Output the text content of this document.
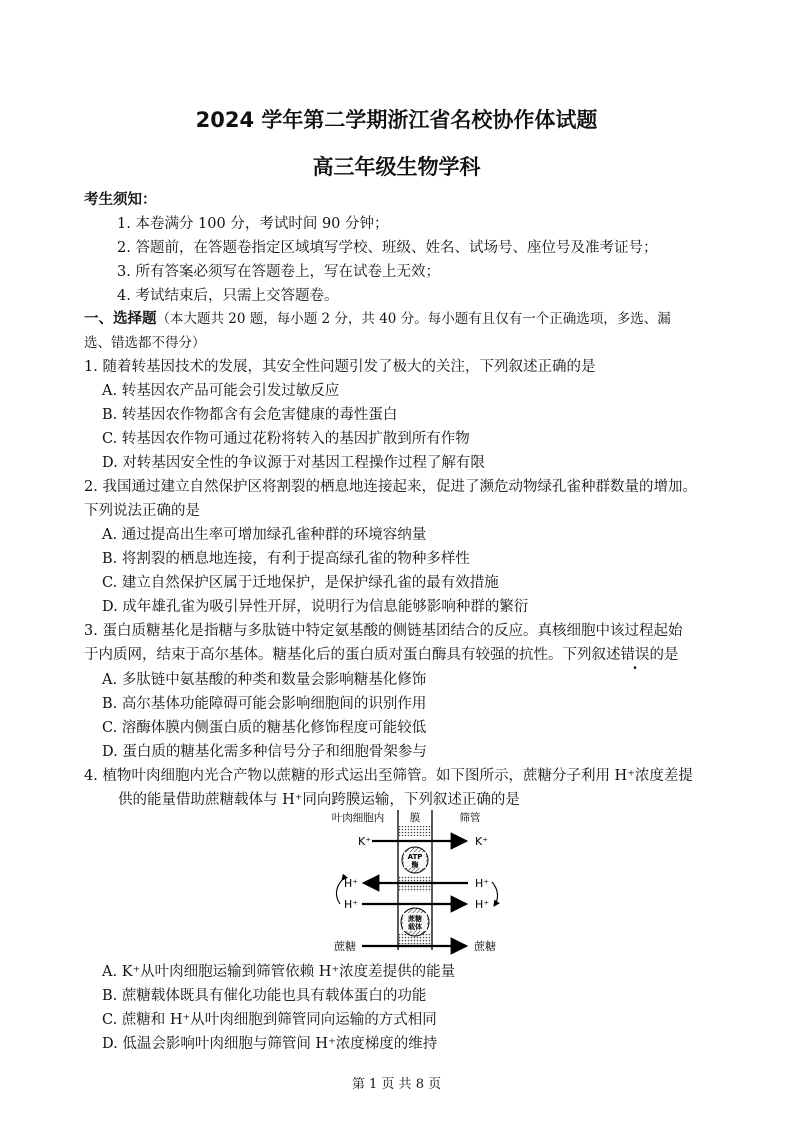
2024 学年第二学期浙江省名校协作体试题
高三年级生物学科
考生须知：
1. 本卷满分 100 分，考试时间 90 分钟；
2. 答题前，在答题卷指定区域填写学校、班级、姓名、试场号、座位号及准考证号；
3. 所有答案必须写在答题卷上，写在试卷上无效；
4. 考试结束后，只需上交答题卷。
一、选择题（本大题共 20 题，每小题 2 分，共 40 分。每小题有且仅有一个正确选项，多选、漏
选、错选都不得分）
1. 随着转基因技术的发展，其安全性问题引发了极大的关注，下列叙述正确的是
A. 转基因农产品可能会引发过敏反应
B. 转基因农作物都含有会危害健康的毒性蛋白
C. 转基因农作物可通过花粉将转入的基因扩散到所有作物
D. 对转基因安全性的争议源于对基因工程操作过程了解有限
2. 我国通过建立自然保护区将割裂的栖息地连接起来，促进了濒危动物绿孔雀种群数量的增加。
下列说法正确的是
A. 通过提高出生率可增加绿孔雀种群的环境容纳量
B. 将割裂的栖息地连接，有利于提高绿孔雀的物种多样性
C. 建立自然保护区属于迁地保护，是保护绿孔雀的最有效措施
D. 成年雄孔雀为吸引异性开屏，说明行为信息能够影响种群的繁衍
3. 蛋白质糖基化是指糖与多肽链中特定氨基酸的侧链基团结合的反应。真核细胞中该过程起始
于内质网，结束于高尔基体。糖基化后的蛋白质对蛋白酶具有较强的抗性。下列叙述错误的是
A. 多肽链中氨基酸的种类和数量会影响糖基化修饰
B. 高尔基体功能障碍可能会影响细胞间的识别作用
C. 溶酶体膜内侧蛋白质的糖基化修饰程度可能较低
D. 蛋白质的糖基化需多种信号分子和细胞骨架参与
4. 植物叶肉细胞内光合产物以蔗糖的形式运出至筛管。如下图所示，蔗糖分子利用 H⁺浓度差提
供的能量借助蔗糖载体与 H⁺同向跨膜运输，下列叙述正确的是
叶肉细胞内 膜	筛管
K⁺	K⁺
ATP
酶
H⁺	H⁺
H⁺	H⁺
蔗糖
载体
蔗糖	蔗糖
A. K⁺从叶肉细胞运输到筛管依赖 H⁺浓度差提供的能量
B. 蔗糖载体既具有催化功能也具有载体蛋白的功能
C. 蔗糖和 H⁺从叶肉细胞到筛管同向运输的方式相同
D. 低温会影响叶肉细胞与筛管间 H⁺浓度梯度的维持
第 1 页 共 8 页
